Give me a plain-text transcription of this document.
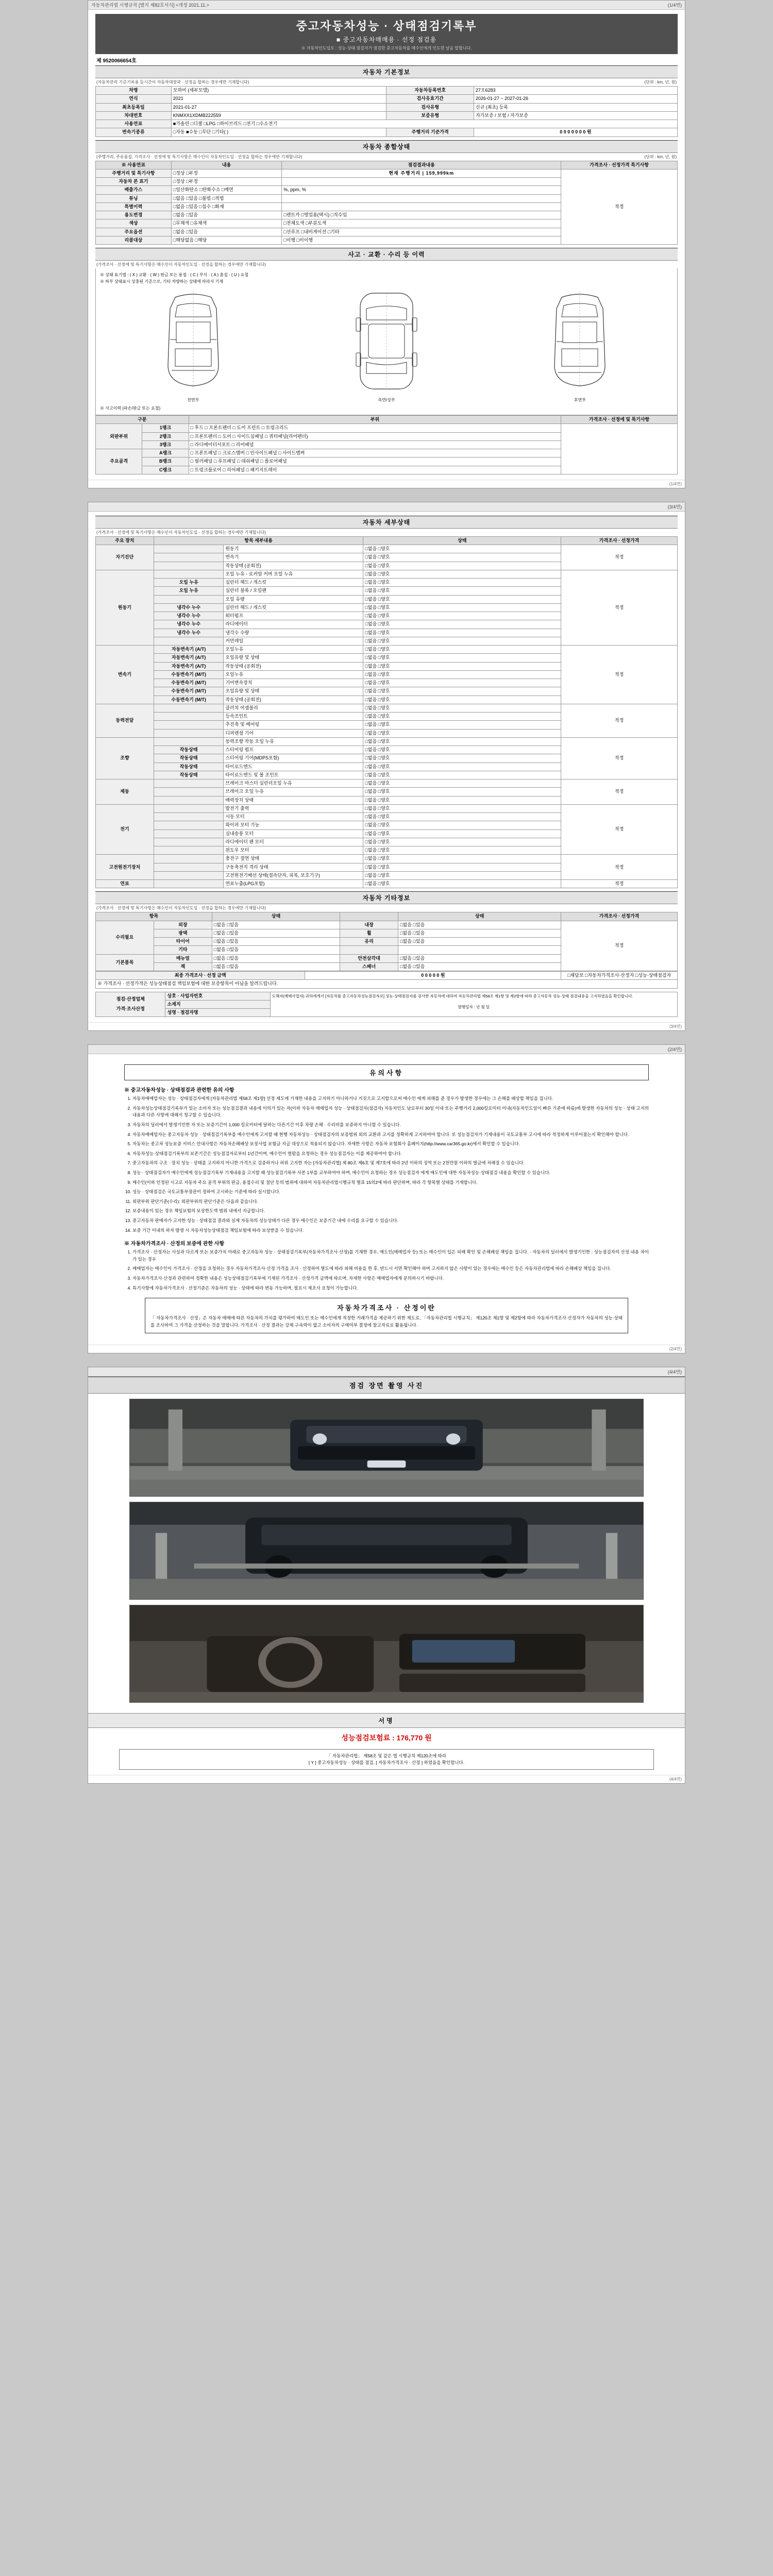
자동차관리법 시행규칙 [별지 제82호서식] <개정 2021.11.>	(1/4면)
중고자동차성능 · 상태점검기록부
■ 중고자동차매매용 · 선정 점검용
※ 자동차인도일로 : 성능·상태 점검자가 점검한 중고자동차를 매수인에게 인도한 날을 말합니다.
제 9520066654호
자동차 기본정보
(자동차관리 기준기록용 등시간이 자동차대장과 · 선정을 합하는 경우에만 기재합니다)	(단위 : km, 년, 원)
차명	모하비 (세부모델)	자동차등록번호	27오6283
연식	2021	검사유효기간	2026-01-27 ~ 2027-01-26
최초등록일	2021-01-27	검사유형	신규 (최초) 등록
차대번호	KNMXX1XDMB222559	보증유형	자가보증 / 보험 / 자가보증
사용연료	■가솔린 □디젤 □LPG □하이브리드 □전기 □수소전기		
변속기종류	□자동 ■수동 □무단 □기타( )	주행거리 기준가격	0 0 0 0 0 0 0 원
자동차 종합상태
(주행거리, 주유품질, 가격조사 · 선정에 및 특기사항은 매수인이 자동차인도일 · 선정을 합하는 경우에만 기재합니다)	(단위 : km, 년, 원)
※ 사용연료	내용	점검결과내용	가격조사 · 선정가격 특기사항
주행거리 및 특기사항	□정상 □부정	현재 주행거리 | 159,999km	적정
자동차 본 표기	□정상 □부정		
배출가스	□일산화탄소 □탄화수소 □매연	%, ppm, %	
튜닝	□없음 □있음 □불법 □적법		
특별이력	□없음 □있음 □침수 □화재		
용도변경	□없음 □있음	□렌트카 □영업용(택시) □직수입	
색상	□무채색 □유채색	□전체도색 □부분도색	
주요옵션	□없음 □있음	□선루프 □내비게이션 □기타	
리콜대상	□해당없음 □해당	□이행 □미이행	
사고 · 교환 · 수리 등 이력
(가격조사 · 선정에 및 특기사항은 매수인이 자동차인도일 · 선정을 합하는 경우에만 기재합니다)
※ 상태 표기법 : ( X ) 교환 · ( W ) 판금 또는 용접 · ( C ) 부식 · ( A ) 흠집 · ( U ) 요철
※ 하부 상태표시 상충된 기준으로, 기타 차량하는 상태에 따라서 기재
전면부	측면/상부	후면부
※ 사고이력 (파손/판금 또는 요철)
구분		부위	가격조사 · 선정에 및 특기사항
외판부위	1랭크	□ 후드 □ 프론트펜더 □ 도어 프런트 □ 트렁크리드	
	2랭크	□ 프론트펜더 □ 도어 □ 사이드실패널 □ 쿼터패널(리어펜더)	
	3랭크	□ 라디에이터서포트 □ 리어패널	
주요골격	A랭크	□ 프론트패널 □ 크로스멤버 □ 인사이드패널 □ 사이드멤버	
	B랭크	□ 필러패널 □ 루프패널 □ 대쉬패널 □ 플로어패널	
	C랭크	□ 트렁크플로어 □ 리어패널 □ 패키지트레이	
(1/4면)
(3/4면)
자동차 세부상태
(가격조사 · 선정에 및 특기사항은 매수인이 자동차인도일 · 선정을 합하는 경우에만 기재합니다)
주요 장치	항목 세부내용		상태	가격조사 · 선정가격
자기진단		원동기	□없음 □양호	적정
		변속기	□없음 □양호	
		작동상태 (공회전)	□없음 □양호	
원동기		오일 누유 - 로커암 커버 오일 누유	□없음 □양호	적정
	오일 누유	실린더 헤드 / 개스킷	□없음 □양호	
	오일 누유	실린더 블록 / 오일팬	□없음 □양호	
		오일 유량	□없음 □양호	
	냉각수 누수	실린더 헤드 / 개스킷	□없음 □양호	
	냉각수 누수	워터펌프	□없음 □양호	
	냉각수 누수	라디에이터	□없음 □양호	
	냉각수 누수	냉각수 수량	□없음 □양호	
		커먼레일	□없음 □양호	
변속기	자동변속기 (A/T)	오일누유	□없음 □양호	적정
	자동변속기 (A/T)	오일유량 및 상태	□없음 □양호	
	자동변속기 (A/T)	작동상태 (공회전)	□없음 □양호	
	수동변속기 (M/T)	오일누유	□없음 □양호	
	수동변속기 (M/T)	기어변속장치	□없음 □양호	
	수동변속기 (M/T)	오일유량 및 상태	□없음 □양호	
	수동변속기 (M/T)	작동상태 (공회전)	□없음 □양호	
동력전달		클러치 어셈블리	□없음 □양호	적정
		등속조인트	□없음 □양호	
		추진축 및 베어링	□없음 □양호	
		디퍼렌셜 기어	□없음 □양호	
조향		동력조향 작동 오일 누유	□없음 □양호	적정
	작동상태	스티어링 펌프	□없음 □양호	
	작동상태	스티어링 기어(MDPS포함)	□없음 □양호	
	작동상태	타이로드엔드	□없음 □양호	
	작동상태	타이로드엔드 및 볼 조인트	□없음 □양호	
제동		브레이크 마스터 실린더오일 누유	□없음 □양호	적정
		브레이크 오일 누유	□없음 □양호	
		배력장치 상태	□없음 □양호	
전기		발전기 출력	□없음 □양호	적정
		시동 모터	□없음 □양호	
		와이퍼 모터 기능	□없음 □양호	
		실내송풍 모터	□없음 □양호	
		라디에이터 팬 모터	□없음 □양호	
		윈도우 모터	□없음 □양호	
고전원전기장치		충전구 절연 상태	□없음 □양호	적정
		구동축전지 격리 상태	□없음 □양호	
		고전원전기배선 상태(접속단자, 피복, 보호기구)	□없음 □양호	
연료		연료누출(LPG포함)	□없음 □양호	적정
자동차 기타정보
(가격조사 · 선정에 및 특기사항은 매수인이 자동차인도일 · 선정을 합하는 경우에만 기재합니다)
항목		상태		상태	가격조사 · 선정가격
수리필요	외장	□없음 □있음	내장	□없음 □있음	적정
	광택	□없음 □있음	휠	□없음 □있음	
	타이어	□없음 □있음	유리	□없음 □있음	
	기타	□없음 □있음			
기본품목	매뉴얼	□없음 □있음	안전삼각대	□없음 □있음	
	잭	□없음 □있음	스패너	□없음 □있음	
최종 가격조사 · 선정 금액	0 0 0 0 0 원	□재담보 □자동차가격조사·산정자 □성능·상태점검자
※ 가격조사 · 선정가격은 성능상태점검 책임보험에 대한 보증항목이 아님을 알려드립니다.
점검·산정업체
가격·조사산정
	상호 · 사업자번호	도해자(매매사업자) 귀하에게서 [자동차를 중고자동차성능점검자로] 성능·상태점검자를 검사한 자동차에 대하여 자동차관리법 제58조 제1항 및 제2항에 따라 중고자동차 성능·상태 점검내용을 고지하였음을 확인합니다.
발행일자 : 년 월 일

소재지
성명 · 점검자명
(3/4면)
(2/4면)
유의사항
※ 중고자동차성능 · 상태점검과 관련한 유의 사항
1. 자동차매매업자는 성능 · 상태점검자에게 [자동차관리법 제58조 제1항] 선정 제도에 기재한 내용을 고지하기 아니하거나 거짓으로 고지할으로써 매수인 에게 피해를 준 경우가 발생한 경우에는 그 손해를 배상할 책임을 집니다.
2. 자동차성능상태점검기록부가 있는 소비자 또는 성능점검결과 내용에 이의가 있는 자(이하 자동차 매매업자 성능 · 상태점검자(점검자) 자동차인도 날로부터 30일 이내 또는 주행거리 2,000킬로미터 이내(자동차인도일이 빠른 기준에 따름)에 발생한 자동차의 성능 · 상태 고지의 내용과 다른 사항에 대해서 청구할 수 있습니다.
3. 자동차의 딜러에서 발생기인한 자 또는 보증기간이 1,000 킬로미터에 달하는 다른기간 이후 차량 손해 · 수리비를 보증하지 아니할 수 있습니다.
4. 자동차매매업자는 중고자동차 성능 · 상태점검기록부를 매수인에게 고지할 때 현행 자동차성능 · 상태점검자의 보증범위 외의 교환과 고지를 정확하게 고지하여야 합니다. 또 성능점검자가 기재내용이 국토교통부 고시에 따라 적정하게 이루어졌는지 확인해야 합니다.
5. 자동차는 중고차 성능보증 서비스 안내사항은 자동차손해배상 보장사업 보험금 지급 대상으로 적용되지 않습니다. 자세한 사항은 자동차 보험회사 홈페이지(http://www.car365.go.kr)에서 확인할 수 있습니다.
6. 자동차성능·상태점검기록부의 보존기간은 성능점검자로부터 1년간이며, 매수인이 열람을 요청하는 경우 성능점검자는 이를 제공하여야 합니다.
7. 중고자동차의 구조 · 장치 성능 · 상태를 고지하지 아니한 가격으로 검증하거나 허위 고지한 자는 [자동차관리법] 제 80조 제6호 및 제7호에 따라 2년 이하의 징역 또는 2천만원 이하의 벌금에 처해질 수 있습니다.
8. 성능 · 상태점검자가 매수인에게 성능점검기록부 기재내용을 고지할 때 성능점검기록부 사본 1부를 교부하여야 하며, 매수인이 요청하는 경우 성능점검자 에게 매도인에 대한 자동차성능·상태점검 내용을 확인할 수 있습니다.
9. 매수인(이하 인정된 시고로 자동차 주요 골격 부위의 판금, 용접수리 및 절단 등의 범위에 대하여 자동차관리법시행규칙 별표 15의2에 따라 판단하며, 따라 각 항목별 상태를 기재합니다.
10. 성능 · 상태점검은 국토교통부장관이 정하여 고시하는 기준에 따라 실시합니다.
11. 외판부위 판단기준(수리): 외판부위의 판단기준은 다음과 같습니다.
12. 보증내용이 있는 경우 책임보험의 보상한도액 범위 내에서 지급합니다.
13. 중고자동차 판매자가 고지한 성능 · 상태점검 결과와 실제 자동차의 성능상태가 다른 경우 매수인은 보증기간 내에 수리를 요구할 수 있습니다.
14. 보증 기간 이내의 하자 발생 시 자동차성능상태점검 책임보험에 따라 보상받을 수 있습니다.
※ 자동차가격조사 · 산정의 보증에 관한 사항
1. 가격조사 · 산정자는 사실과 다르게 또는 보증가치 아래로 중고자동차 성능 · 상태점검기록부(자동차가격조사·산정)를 기재한 경우, 매도인(매매업자 등) 또는 매수인이 입은 피해 확인 및 손해배상 책임을 집니다. · 자동차의 딜러에서 발생기인한 : 성능점검자의 산정 내용 차이가 있는 경우
2. 매매업자는 매수인이 가격조사 · 산정을 요청하는 경우 자동차가격조사·산정 가격을 조사 · 산정하여 별도에 따라 피해 비용을 한 후, 반드시 서면 확인해야 하며 고지하지 않은 사항이 있는 경우에는 매수인 등은 자동차관리법에 따라 손해배상 책임을 집니다.
3. 자동차가격조사·산정과 관련하여 정확한 내용은 성능상태점검기록부에 기재된 가격조사 · 산정가격 금액에 따르며, 자세한 사항은 매매업자에게 문의하시기 바랍니다.
4. 특기사항에 자동차가격조사 · 산정기준은 자동차의 성능 · 상태에 따라 변동 가능하며, 필요시 재조사 요청이 가능합니다.
자동차가격조사 · 산정이란
「 자동차가격조사 · 산정」은 자동차 매매에 따른 자동차의 가치를 평가하여 매도인 또는 매수인에게 적정한 거래가격을 제공하기 위한 제도로, 「자동차관리법 시행규칙」 제120조 제1항 및 제2항에 따라 자동차가격조사·산정자가 자동차의 성능·상태를 조사하여 그 가격을 산정하는 것을 말합니다. 가격조사 · 산정 결과는 강제 구속력이 없고 소비자의 구매여부 결정에 참고자료로 활용됩니다.
(2/4면)
(4/4면)
점검 장면 촬영 사진
서명
성능점검보험료 : 176,770 원
「 자동차관리법」 제58조 및 같은 법 시행규칙 제120조에 따라
[ Y ] 중고자동차성능 · 상태를 점검, [ 자동차가격조사 · 산정 ] 하였음을 확인합니다.
(4/4면)
